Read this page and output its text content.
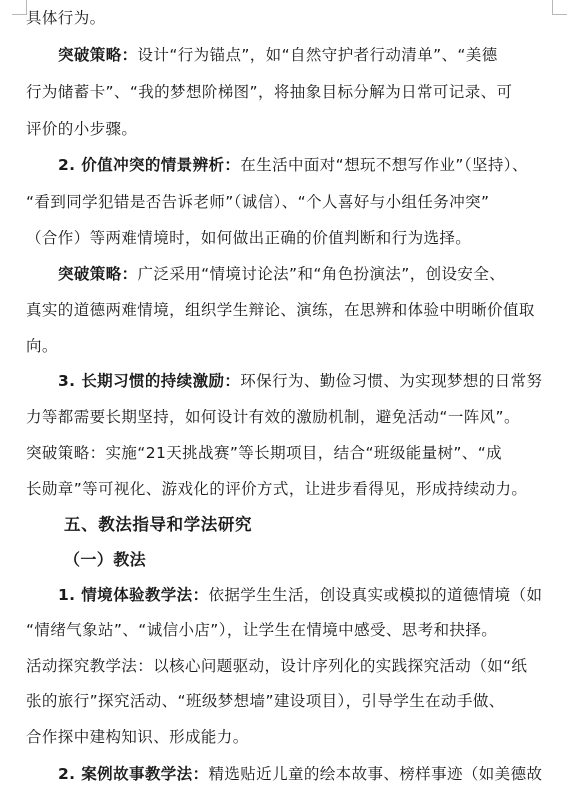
具体行为。
突破策略：设计“行为锚点”，如“自然守护者行动清单”、“美德
行为储蓄卡”、“我的梦想阶梯图”，将抽象目标分解为日常可记录、可
评价的小步骤。
2. 价值冲突的情景辨析：在生活中面对“想玩不想写作业”（坚持）、
“看到同学犯错是否告诉老师”（诚信）、“个人喜好与小组任务冲突”
（合作）等两难情境时，如何做出正确的价值判断和行为选择。
突破策略：广泛采用“情境讨论法”和“角色扮演法”，创设安全、
真实的道德两难情境，组织学生辩论、演练，在思辨和体验中明晰价值取
向。
3. 长期习惯的持续激励：环保行为、勤俭习惯、为实现梦想的日常努
力等都需要长期坚持，如何设计有效的激励机制，避免活动“一阵风”。
突破策略：实施“21天挑战赛”等长期项目，结合“班级能量树”、“成
长勋章”等可视化、游戏化的评价方式，让进步看得见，形成持续动力。
五、教法指导和学法研究
（一）教法
1. 情境体验教学法：依据学生生活，创设真实或模拟的道德情境（如
“情绪气象站”、“诚信小店”），让学生在情境中感受、思考和抉择。
活动探究教学法：以核心问题驱动，设计序列化的实践探究活动（如“纸
张的旅行”探究活动、“班级梦想墙”建设项目），引导学生在动手做、
合作探中建构知识、形成能力。
2. 案例故事教学法：精选贴近儿童的绘本故事、榜样事迹（如美德故
